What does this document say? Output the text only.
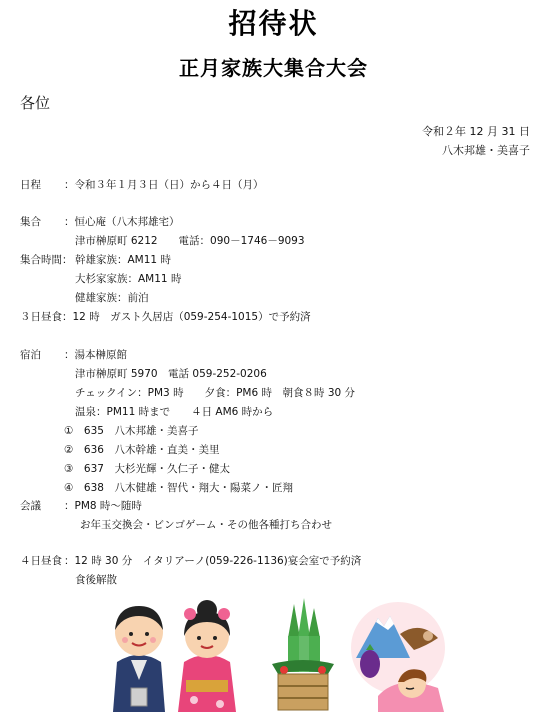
招待状
正月家族大集合大会
各位
令和２年 12 月 31 日
八木邦雄・美喜子
日程 ：令和３年１月３日（日）から４日（月）
集合 ：恒心庵（八木邦雄宅）
津市榊原町 6212　　電話：090－1746－9093
集合時間： 幹雄家族：AM11 時
大杉家家族：AM11 時
健雄家族：前泊
３日昼食：12 時　ガスト久居店（059-254-1015）で予約済
宿泊 ：湯本榊原館
津市榊原町 5970　電話 059-252-0206
チェックイン：PM3 時　　夕食：PM6 時　朝食８時 30 分
温泉：PM11 時まで　　４日 AM6 時から
①　635　八木邦雄・美喜子
②　636　八木幹雄・直美・美里
③　637　大杉光輝・久仁子・健太
④　638　八木健雄・智代・翔大・陽菜ノ・匠翔
会議 ：PM8 時～随時
お年玉交換会・ビンゴゲーム・その他各種打ち合わせ
４日昼食 ：12 時 30 分　イタリアーノ(059-226-1136)宴会室で予約済
食後解散
